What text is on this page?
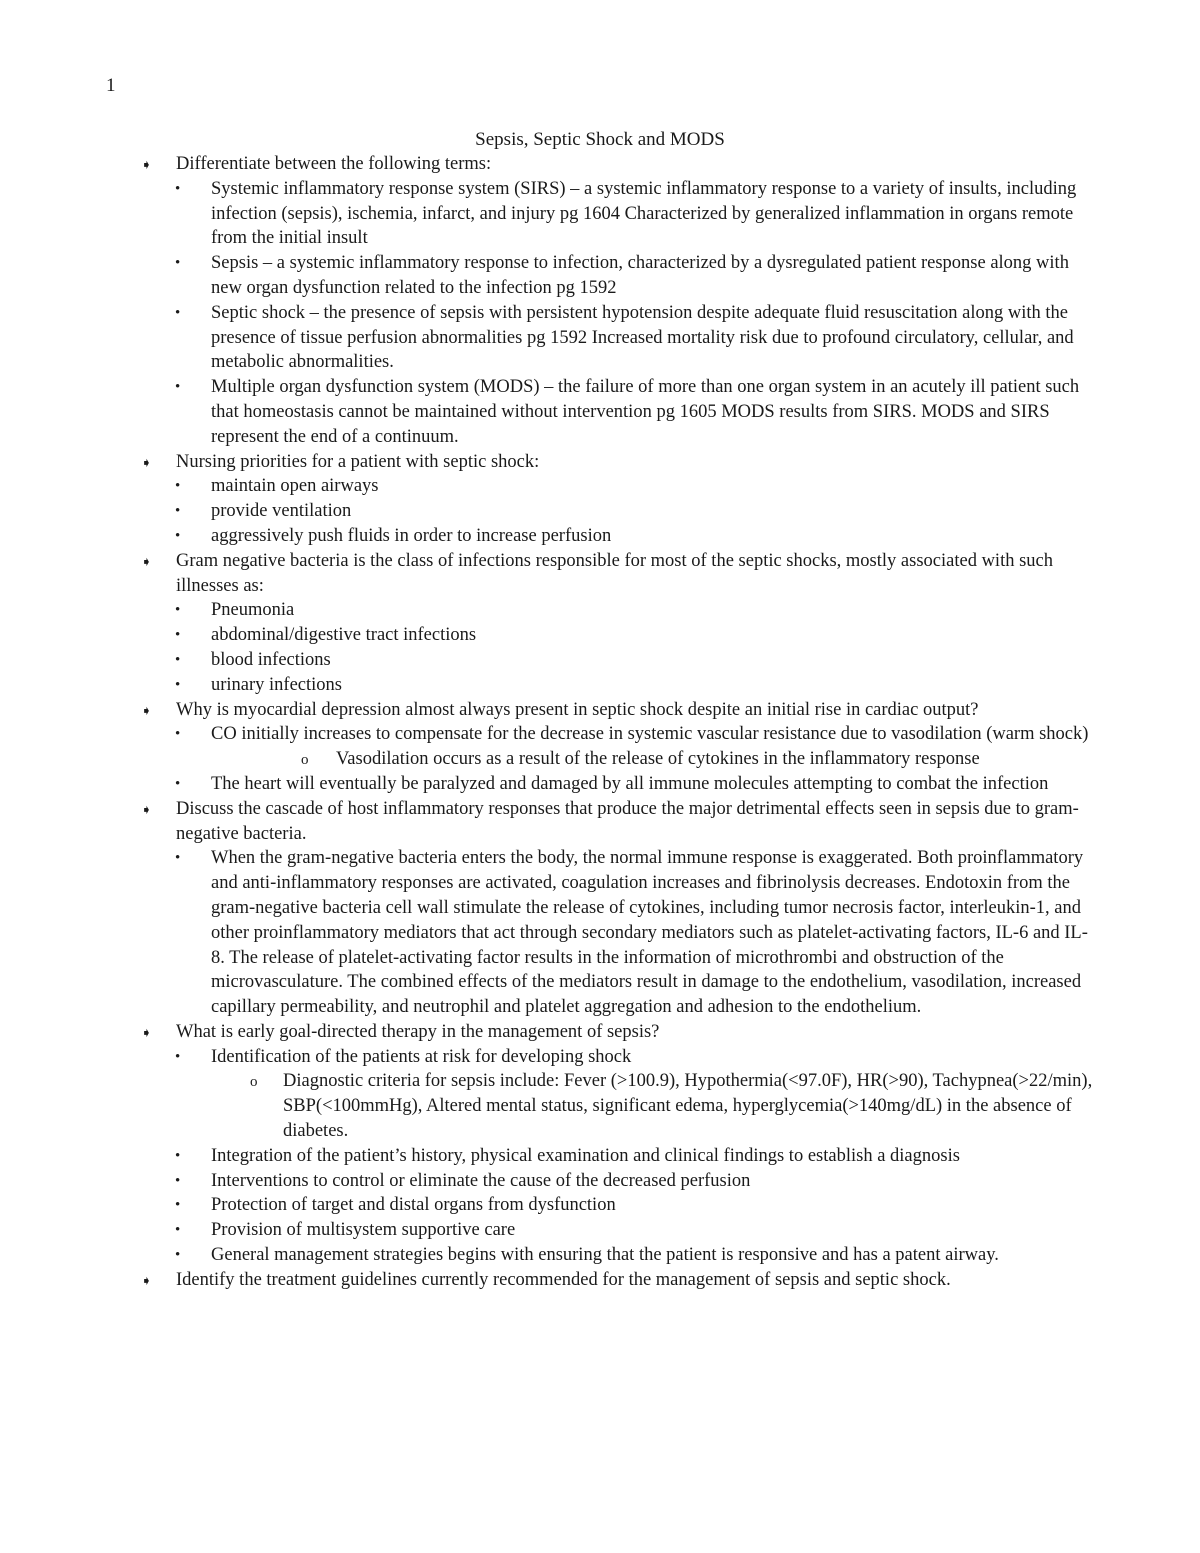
1
Sepsis, Septic Shock and MODS
➧ Differentiate between the following terms:
• Systemic inflammatory response system (SIRS) – a systemic inflammatory response to a variety of insults, including infection (sepsis), ischemia, infarct, and injury pg 1604 Characterized by generalized inflammation in organs remote from the initial insult
• Sepsis – a systemic inflammatory response to infection, characterized by a dysregulated patient response along with new organ dysfunction related to the infection pg 1592
• Septic shock – the presence of sepsis with persistent hypotension despite adequate fluid resuscitation along with the presence of tissue perfusion abnormalities pg 1592 Increased mortality risk due to profound circulatory, cellular, and metabolic abnormalities.
• Multiple organ dysfunction system (MODS) – the failure of more than one organ system in an acutely ill patient such that homeostasis cannot be maintained without intervention pg 1605 MODS results from SIRS. MODS and SIRS represent the end of a continuum.
➧ Nursing priorities for a patient with septic shock:
• maintain open airways
• provide ventilation
• aggressively push fluids in order to increase perfusion
➧ Gram negative bacteria is the class of infections responsible for most of the septic shocks, mostly associated with such illnesses as:
• Pneumonia
• abdominal/digestive tract infections
• blood infections
• urinary infections
➧ Why is myocardial depression almost always present in septic shock despite an initial rise in cardiac output?
• CO initially increases to compensate for the decrease in systemic vascular resistance due to vasodilation (warm shock)
o Vasodilation occurs as a result of the release of cytokines in the inflammatory response
• The heart will eventually be paralyzed and damaged by all immune molecules attempting to combat the infection
➧ Discuss the cascade of host inflammatory responses that produce the major detrimental effects seen in sepsis due to gram-negative bacteria.
• When the gram-negative bacteria enters the body, the normal immune response is exaggerated. Both proinflammatory and anti-inflammatory responses are activated, coagulation increases and fibrinolysis decreases. Endotoxin from the gram-negative bacteria cell wall stimulate the release of cytokines, including tumor necrosis factor, interleukin-1, and other proinflammatory mediators that act through secondary mediators such as platelet-activating factors, IL-6 and IL-8. The release of platelet-activating factor results in the information of microthrombi and obstruction of the microvasculature. The combined effects of the mediators result in damage to the endothelium, vasodilation, increased capillary permeability, and neutrophil and platelet aggregation and adhesion to the endothelium.
➧ What is early goal-directed therapy in the management of sepsis?
• Identification of the patients at risk for developing shock
o Diagnostic criteria for sepsis include: Fever (>100.9), Hypothermia(<97.0F), HR(>90), Tachypnea(>22/min), SBP(<100mmHg), Altered mental status, significant edema, hyperglycemia(>140mg/dL) in the absence of diabetes.
• Integration of the patient’s history, physical examination and clinical findings to establish a diagnosis
• Interventions to control or eliminate the cause of the decreased perfusion
• Protection of target and distal organs from dysfunction
• Provision of multisystem supportive care
• General management strategies begins with ensuring that the patient is responsive and has a patent airway.
➧ Identify the treatment guidelines currently recommended for the management of sepsis and septic shock.
